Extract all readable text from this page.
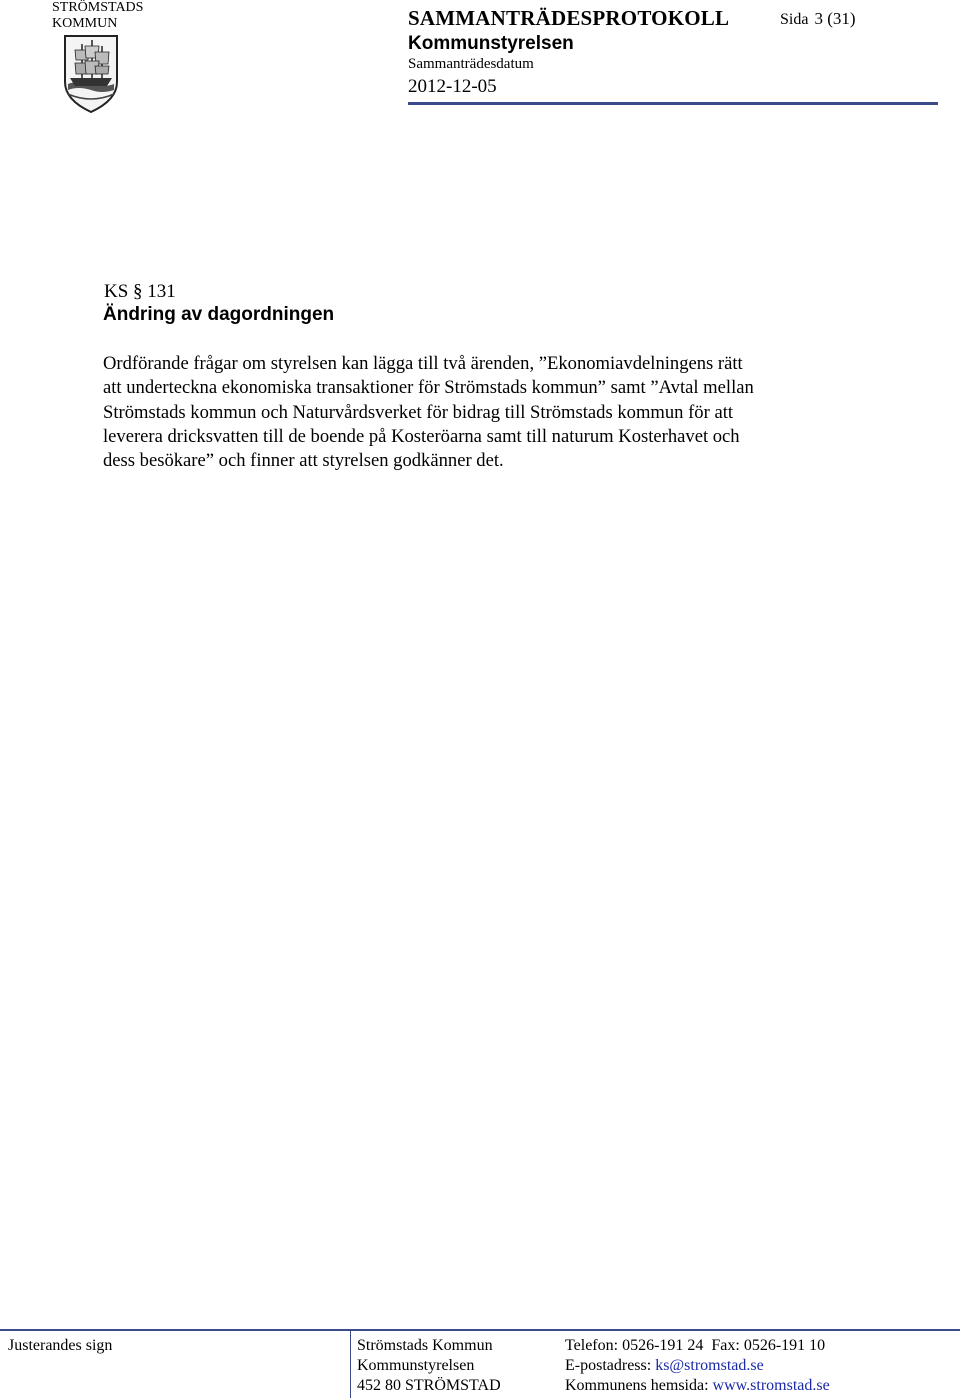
STRÖMSTADS
KOMMUN	SAMMANTRÄDESPROTOKOLL
Kommunstyrelsen
Sammanträdesdatum
2012-12-05
Sida 3 (31)
KS § 131
Ändring av dagordningen
Ordförande frågar om styrelsen kan lägga till två ärenden, ”Ekonomiavdelningens rätt att underteckna ekonomiska transaktioner för Strömstads kommun” samt ”Avtal mellan Strömstads kommun och Naturvårdsverket för bidrag till Strömstads kommun för att leverera dricksvatten till de boende på Kosteröarna samt till naturum Kosterhavet och dess besökare” och finner att styrelsen godkänner det.
Justerandes sign	Strömstads Kommun
Kommunstyrelsen
452 80 STRÖMSTAD
Telefon: 0526-191 24  Fax: 0526-191 10
E-postadress: ks@stromstad.se
Kommunens hemsida: www.stromstad.se
